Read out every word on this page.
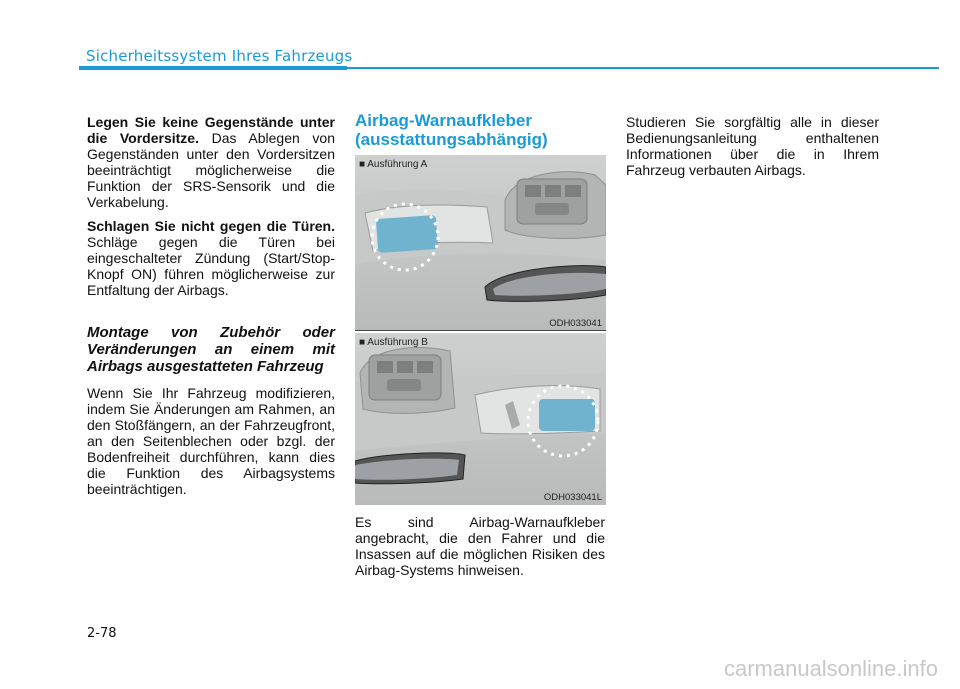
Sicherheitssystem Ihres Fahrzeugs

Legen Sie keine Gegenstände unter die Vordersitze. Das Ablegen von Gegenständen unter den Vordersitzen beeinträchtigt möglicherweise die Funktion der SRS-Sensorik und die Verkabelung.

Schlagen Sie nicht gegen die Türen. Schläge gegen die Türen bei eingeschalteter Zündung (Start/Stop-Knopf ON) führen möglicherweise zur Entfaltung der Airbags.

Montage von Zubehör oder Veränderungen an einem mit Airbags ausgestatteten Fahrzeug

Wenn Sie Ihr Fahrzeug modifizieren, indem Sie Änderungen am Rahmen, an den Stoßfängern, an der Fahrzeugfront, an den Seitenblechen oder bzgl. der Bodenfreiheit durchführen, kann dies die Funktion des Airbagsystems beeinträchtigen.

Airbag-Warnaufkleber (ausstattungsabhängig)
■ Ausführung A
ODH033041
■ Ausführung B
ODH033041L
Es sind Airbag-Warnaufkleber angebracht, die den Fahrer und die Insassen auf die möglichen Risiken des Airbag-Systems hinweisen.

Studieren Sie sorgfältig alle in dieser Bedienungsanleitung enthaltenen Informationen über die in Ihrem Fahrzeug verbauten Airbags.

2-78
carmanualsonline.info
